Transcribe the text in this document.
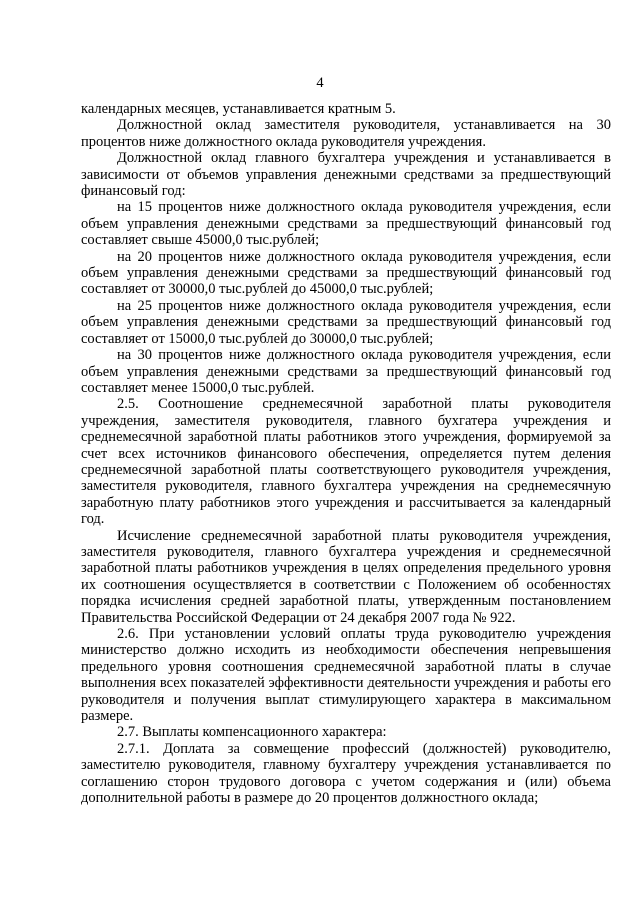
4

календарных месяцев, устанавливается кратным 5.

Должностной оклад заместителя руководителя, устанавливается на 30 процентов ниже должностного оклада руководителя учреждения.

Должностной оклад главного бухгалтера учреждения и устанавливается в зависимости от объемов управления денежными средствами за предшествующий финансовый год:

на 15 процентов ниже должностного оклада руководителя учреждения, если объем управления денежными средствами за предшествующий финансовый год составляет свыше 45000,0 тыс.рублей;

на 20 процентов ниже должностного оклада руководителя учреждения, если объем управления денежными средствами за предшествующий финансовый год составляет от 30000,0 тыс.рублей до 45000,0 тыс.рублей;

на 25 процентов ниже должностного оклада руководителя учреждения, если объем управления денежными средствами за предшествующий финансовый год составляет от 15000,0 тыс.рублей до 30000,0 тыс.рублей;

на 30 процентов ниже должностного оклада руководителя учреждения, если объем управления денежными средствами за предшествующий финансовый год составляет менее 15000,0 тыс.рублей.

2.5. Соотношение среднемесячной заработной платы руководителя учреждения, заместителя руководителя, главного бухгатера учреждения и среднемесячной заработной платы работников этого учреждения, формируемой за счет всех источников финансового обеспечения, определяется путем деления среднемесячной заработной платы соответствующего руководителя учреждения, заместителя руководителя, главного бухгалтера учреждения на среднемесячную заработную плату работников этого учреждения и рассчитывается за календарный год.

Исчисление среднемесячной заработной платы руководителя учреждения, заместителя руководителя, главного бухгалтера учреждения и среднемесячной заработной платы работников учреждения в целях определения предельного уровня их соотношения осуществляется в соответствии с Положением об особенностях порядка исчисления средней заработной платы, утвержденным постановлением Правительства Российской Федерации от 24 декабря 2007 года № 922.

2.6. При установлении условий оплаты труда руководителю учреждения министерство должно исходить из необходимости обеспечения непревышения предельного уровня соотношения среднемесячной заработной платы в случае выполнения всех показателей эффективности деятельности учреждения и работы его руководителя и получения выплат стимулирующего характера в максимальном размере.

2.7. Выплаты компенсационного характера:

2.7.1. Доплата за совмещение профессий (должностей) руководителю, заместителю руководителя, главному бухгалтеру учреждения устанавливается по соглашению сторон трудового договора с учетом содержания и (или) объема дополнительной работы в размере до 20 процентов должностного оклада;
